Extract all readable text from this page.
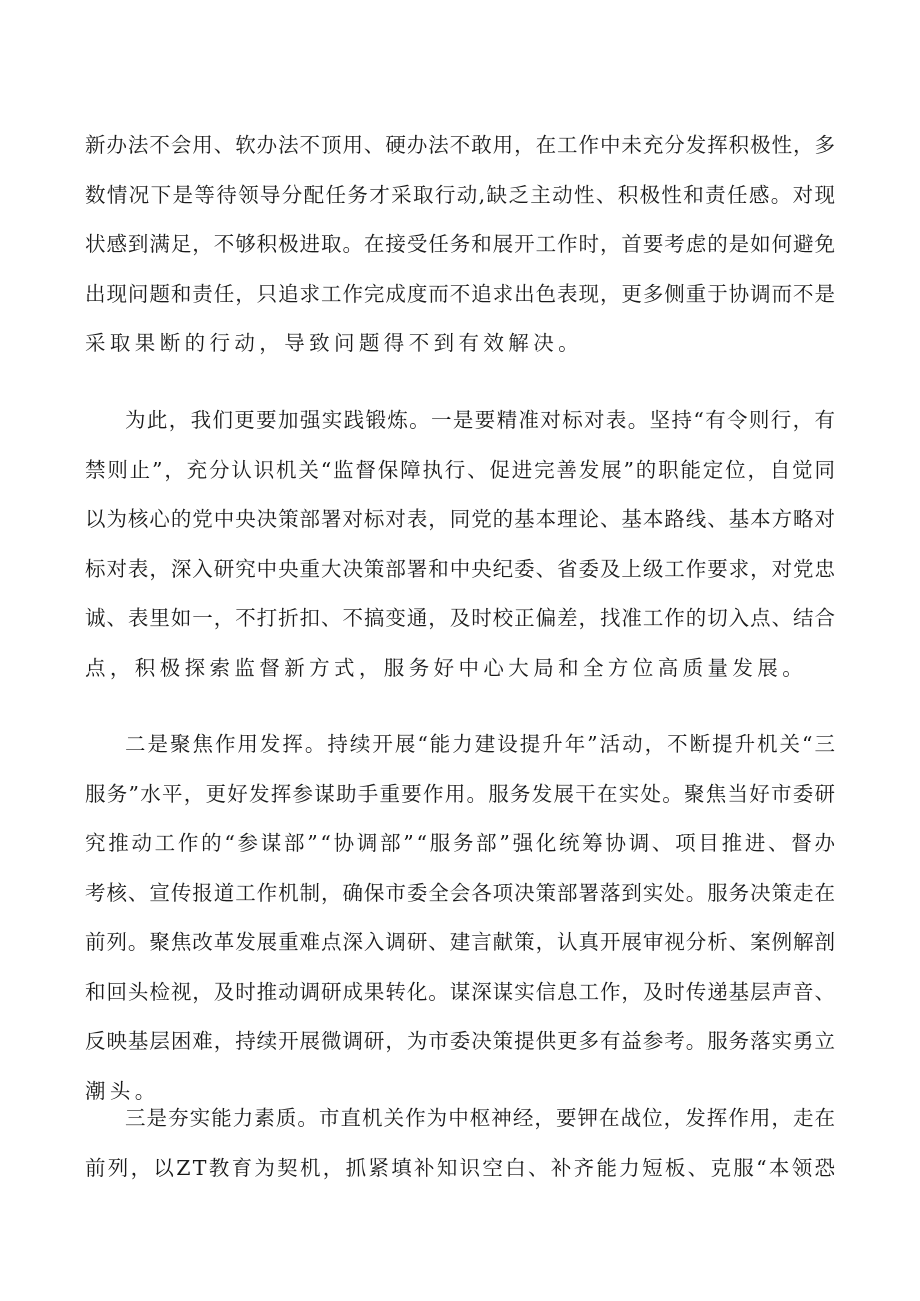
新 办 法 不 会 用 、 软 办 法 不 顶 用 、 硬 办 法 不 敢 用 ， 在 工 作 中 未 充 分 发 挥 积 极 性 ， 多
数 情 况 下 是 等 待 领 导 分 配 任 务 才 采 取 行 动 , 缺 乏 主 动 性 、 积 极 性 和 责 任 感 。 对 现
状 感 到 满 足 ， 不 够 积 极 进 取 。 在 接 受 任 务 和 展 开 工 作 时 ， 首 要 考 虑 的 是 如 何 避 免
出 现 问 题 和 责 任 ， 只 追 求 工 作 完 成 度 而 不 追 求 出 色 表 现 ， 更 多 侧 重 于 协 调 而 不 是
采 取 果 断 的 行 动 ， 导 致 问 题 得 不 到 有 效 解 决 。
为 此 ， 我 们 更 要 加 强 实 践 锻 炼 。 一 是 要 精 准 对 标 对 表 。 坚 持 “ 有 令 则 行 ， 有
禁 则 止 ” ， 充 分 认 识 机 关 “ 监 督 保 障 执 行 、 促 进 完 善 发 展 ” 的 职 能 定 位 ， 自 觉 同
以 为 核 心 的 党 中 央 决 策 部 署 对 标 对 表 ， 同 党 的 基 本 理 论 、 基 本 路 线 、 基 本 方 略 对
标 对 表 ， 深 入 研 究 中 央 重 大 决 策 部 署 和 中 央 纪 委 、 省 委 及 上 级 工 作 要 求 ， 对 党 忠
诚 、 表 里 如 一 ， 不 打 折 扣 、 不 搞 变 通 ， 及 时 校 正 偏 差 ， 找 准 工 作 的 切 入 点 、 结 合
点 ， 积 极 探 索 监 督 新 方 式 ， 服 务 好 中 心 大 局 和 全 方 位 高 质 量 发 展 。
二 是 聚 焦 作 用 发 挥 。 持 续 开 展 “ 能 力 建 设 提 升 年 ” 活 动 ， 不 断 提 升 机 关 “ 三
服 务 ” 水 平 ， 更 好 发 挥 参 谋 助 手 重 要 作 用 。 服 务 发 展 干 在 实 处 。 聚 焦 当 好 市 委 研
究 推 动 工 作 的 “ 参 谋 部 ” “ 协 调 部 ” “ 服 务 部 ” 强 化 统 筹 协 调 、 项 目 推 进 、 督 办
考 核 、 宣 传 报 道 工 作 机 制 ， 确 保 市 委 全 会 各 项 决 策 部 署 落 到 实 处 。 服 务 决 策 走 在
前 列 。 聚 焦 改 革 发 展 重 难 点 深 入 调 研 、 建 言 献 策 ， 认 真 开 展 审 视 分 析 、 案 例 解 剖
和 回 头 检 视 ， 及 时 推 动 调 研 成 果 转 化 。 谋 深 谋 实 信 息 工 作 ， 及 时 传 递 基 层 声 音 、
反 映 基 层 困 难 ， 持 续 开 展 微 调 研 ， 为 市 委 决 策 提 供 更 多 有 益 参 考 。 服 务 落 实 勇 立
潮 头 。
三 是 夯 实 能 力 素 质 。 市 直 机 关 作 为 中 枢 神 经 ， 要 钾 在 战 位 ， 发 挥 作 用 ， 走 在
前 列 ， 以 Z T 教 育 为 契 机 ， 抓 紧 填 补 知 识 空 白 、 补 齐 能 力 短 板 、 克 服 “ 本 领 恐
